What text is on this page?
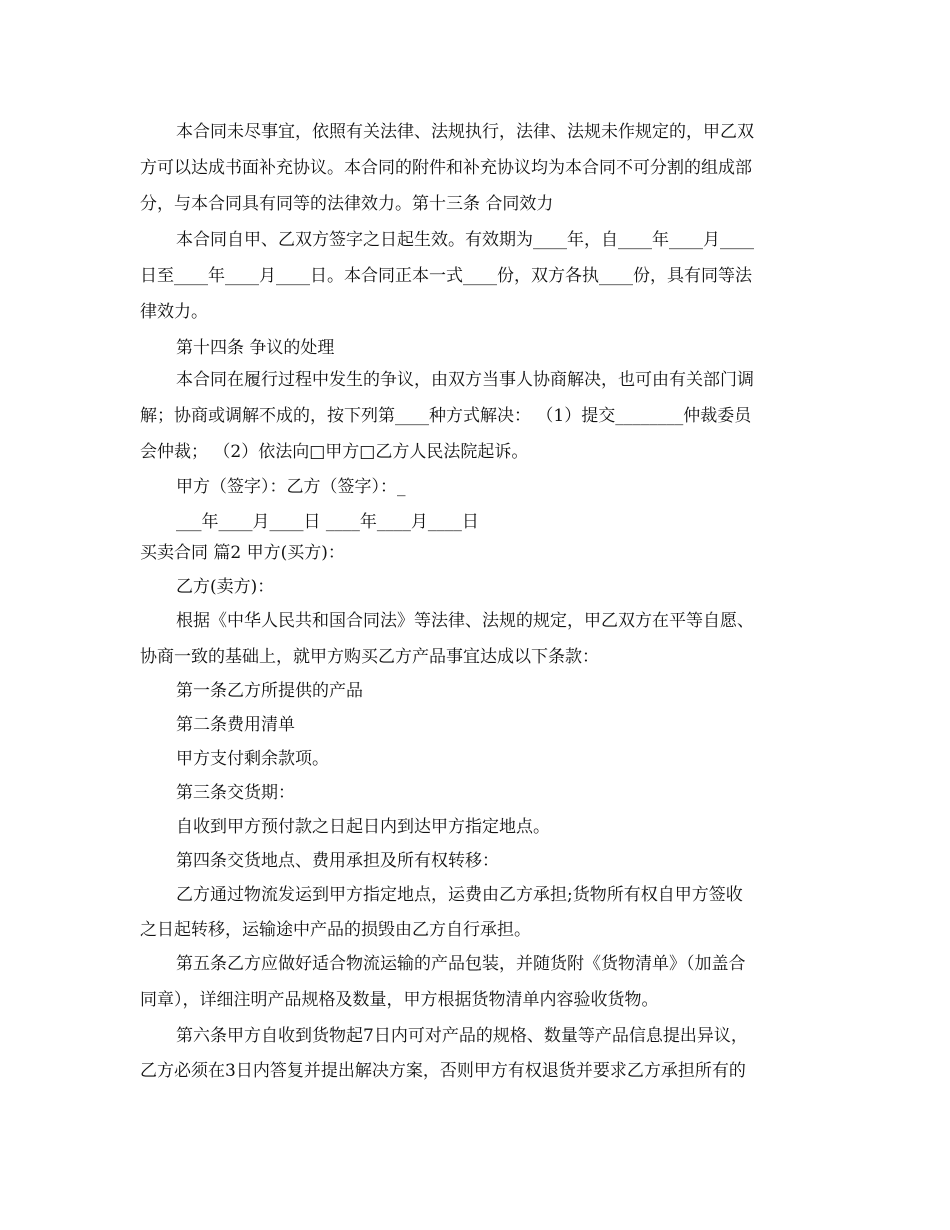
本合同未尽事宜，依照有关法律、法规执行，法律、法规未作规定的，甲乙双
方可以达成书面补充协议。本合同的附件和补充协议均为本合同不可分割的组成部
分，与本合同具有同等的法律效力。第十三条 合同效力
本合同自甲、乙双方签字之日起生效。有效期为____年，自____年____月____
日至____年____月____日。本合同正本一式____份，双方各执____份，具有同等法
律效力。
第十四条 争议的处理
本合同在履行过程中发生的争议，由双方当事人协商解决，也可由有关部门调
解；协商或调解不成的，按下列第____种方式解决： （1）提交________仲裁委员
会仲裁； （2）依法向□甲方□乙方人民法院起诉。
甲方（签字）：乙方（签字）：_
___年____月____日 ____年____月____日
买卖合同 篇2 甲方(买方)：
乙方(卖方)：
根据《中华人民共和国合同法》等法律、法规的规定，甲乙双方在平等自愿、
协商一致的基础上，就甲方购买乙方产品事宜达成以下条款：
第一条乙方所提供的产品
第二条费用清单
甲方支付剩余款项。
第三条交货期：
自收到甲方预付款之日起日内到达甲方指定地点。
第四条交货地点、费用承担及所有权转移：
乙方通过物流发运到甲方指定地点，运费由乙方承担;货物所有权自甲方签收
之日起转移，运输途中产品的损毁由乙方自行承担。
第五条乙方应做好适合物流运输的产品包装，并随货附《货物清单》（加盖合
同章），详细注明产品规格及数量，甲方根据货物清单内容验收货物。
第六条甲方自收到货物起7日内可对产品的规格、数量等产品信息提出异议，
乙方必须在3日内答复并提出解决方案，否则甲方有权退货并要求乙方承担所有的
